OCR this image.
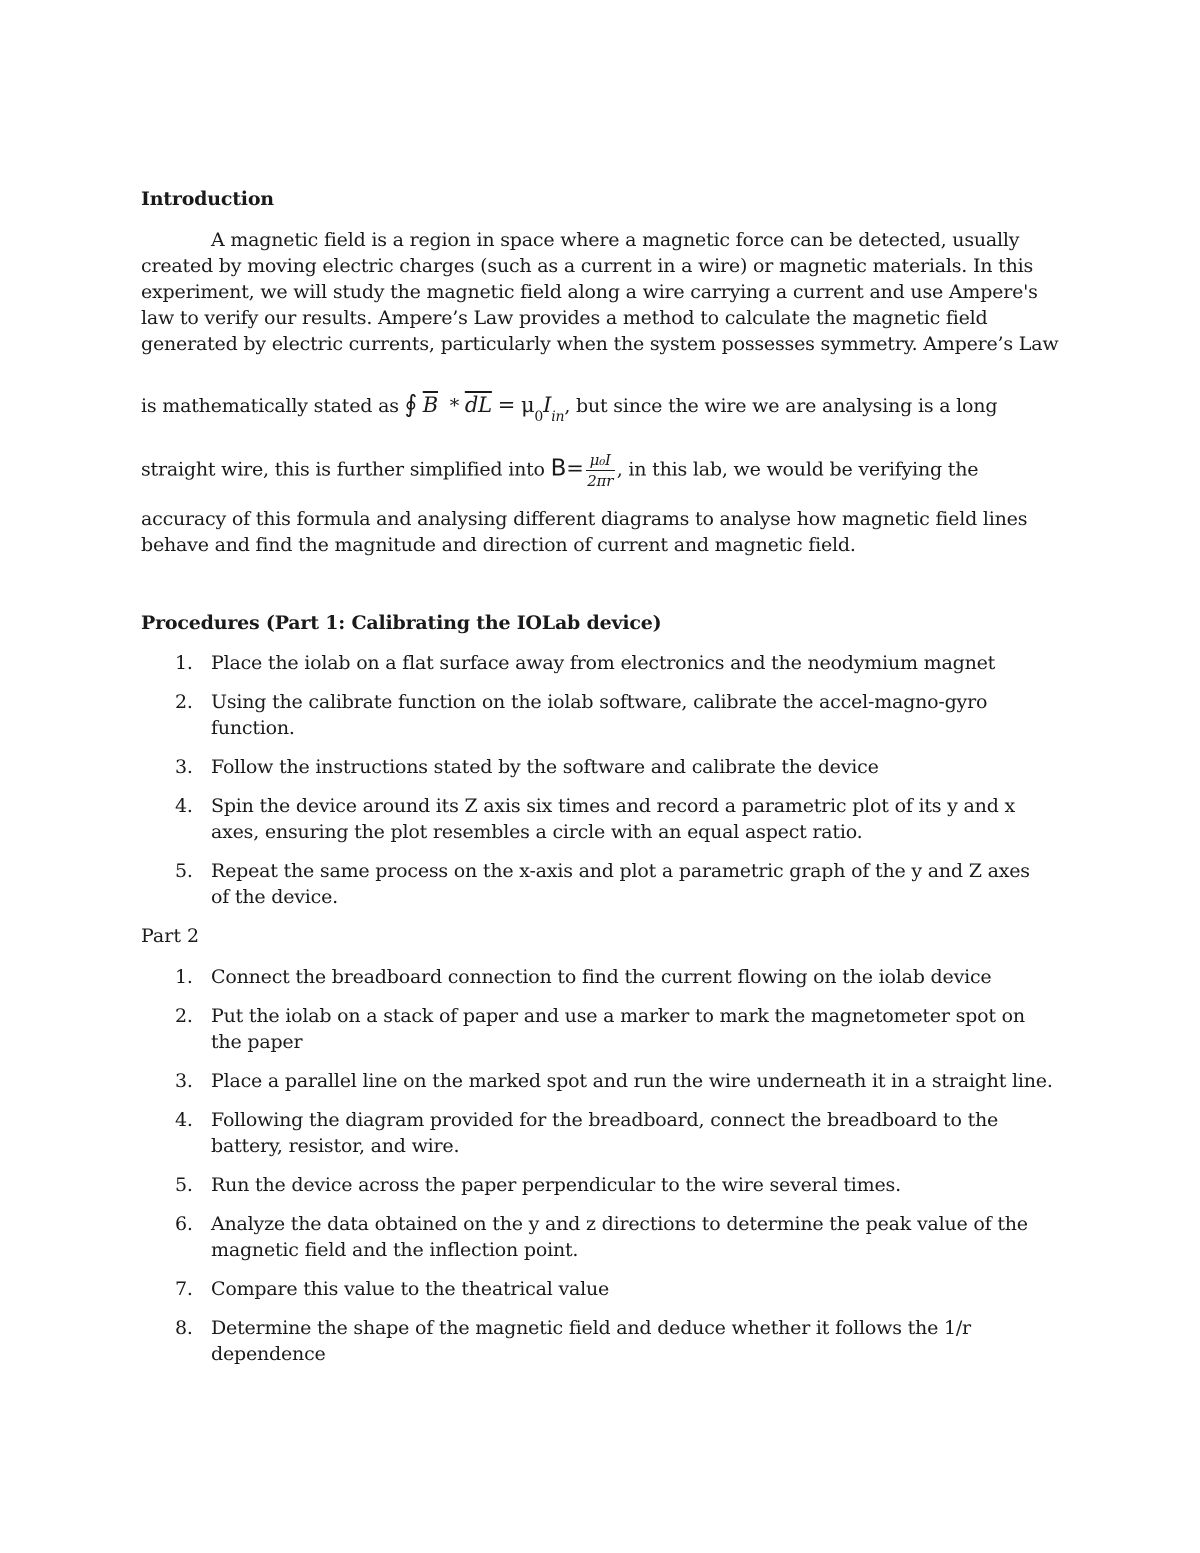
Introduction
A magnetic field is a region in space where a magnetic force can be detected, usually
created by moving electric charges (such as a current in a wire) or magnetic materials. In this
experiment, we will study the magnetic field along a wire carrying a current and use Ampere's
law to verify our results. Ampere’s Law provides a method to calculate the magnetic field
generated by electric currents, particularly when the system possesses symmetry. Ampere’s Law
is mathematically stated as ∮ $\overline{B} * \overline{dL} = \mu_0I_{in}$, but since the wire we are analysing is a long
straight wire, this is further simplified into $B= \frac{\text{μ₀I}}{2\pi r}$ , in this lab, we would be verifying the
accuracy of this formula and analysing different diagrams to analyse how magnetic field lines
behave and find the magnitude and direction of current and magnetic field.
Procedures (Part 1: Calibrating the IOLab device)
1. Place the iolab on a flat surface away from electronics and the neodymium magnet
2. Using the calibrate function on the iolab software, calibrate the accel-magno-gyro function.
3. Follow the instructions stated by the software and calibrate the device
4. Spin the device around its Z axis six times and record a parametric plot of its y and x axes, ensuring the plot resembles a circle with an equal aspect ratio.
5. Repeat the same process on the x-axis and plot a parametric graph of the y and Z axes of the device.
Part 2
1. Connect the breadboard connection to find the current flowing on the iolab device
2. Put the iolab on a stack of paper and use a marker to mark the magnetometer spot on the paper
3. Place a parallel line on the marked spot and run the wire underneath it in a straight line.
4. Following the diagram provided for the breadboard, connect the breadboard to the battery, resistor, and wire.
5. Run the device across the paper perpendicular to the wire several times.
6. Analyze the data obtained on the y and z directions to determine the peak value of the magnetic field and the inflection point.
7. Compare this value to the theatrical value
8. Determine the shape of the magnetic field and deduce whether it follows the 1/r dependence
